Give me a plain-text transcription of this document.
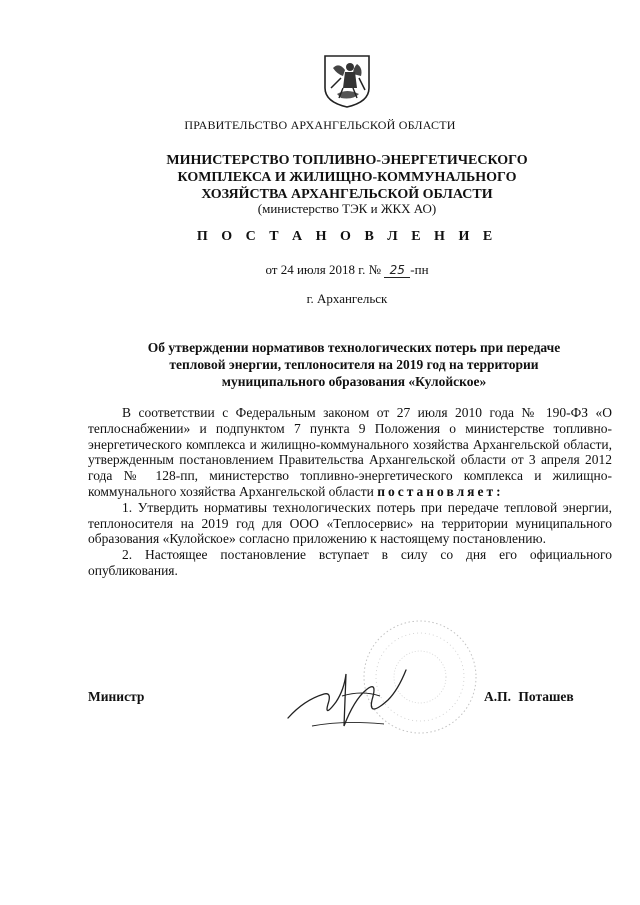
ПРАВИТЕЛЬСТВО АРХАНГЕЛЬСКОЙ ОБЛАСТИ
МИНИСТЕРСТВО ТОПЛИВНО-ЭНЕРГЕТИЧЕСКОГО
КОМПЛЕКСА И ЖИЛИЩНО-КОММУНАЛЬНОГО
ХОЗЯЙСТВА АРХАНГЕЛЬСКОЙ ОБЛАСТИ
(министерство ТЭК и ЖКХ АО)
П О С Т А Н О В Л Е Н И Е
от 24 июля 2018 г. № 25 -пн
г. Архангельск
Об утверждении нормативов технологических потерь при передаче
тепловой энергии, теплоносителя на 2019 год на территории
муниципального образования «Кулойское»

В соответствии с Федеральным законом от 27 июля 2010 года № 190-ФЗ «О теплоснабжении» и подпунктом 7 пункта 9 Положения о министерстве топливно-энергетического комплекса и жилищно-коммунального хозяйства Архангельской области, утвержденным постановлением Правительства Архангельской области от 3 апреля 2012 года № 128-пп, министерство топливно-энергетического комплекса и жилищно-коммунального хозяйства Архангельской области постановляет:

1. Утвердить нормативы технологических потерь при передаче тепловой энергии, теплоносителя на 2019 год для ООО «Теплосервис» на территории муниципального образования «Кулойское» согласно приложению к настоящему постановлению.

2. Настоящее постановление вступает в силу со дня его официального опубликования.

Министр	А.П. Поташев
